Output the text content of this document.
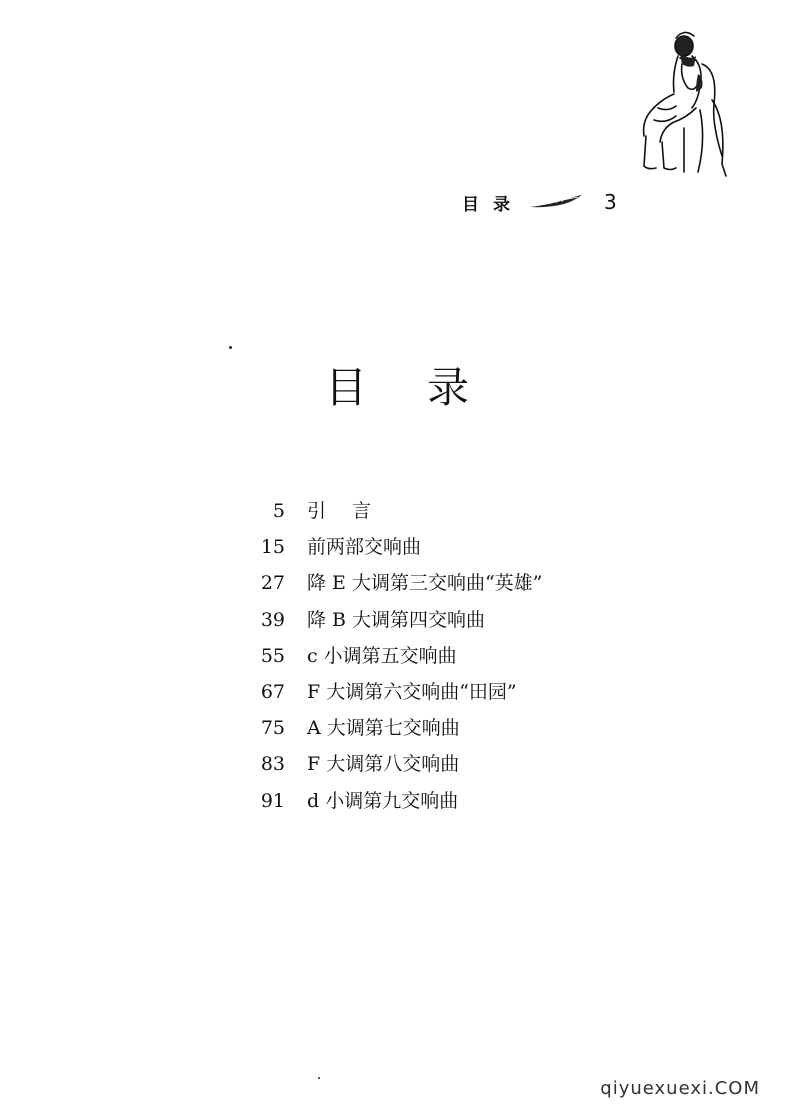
目录	3
目录
5 引言
15 前两部交响曲
27 降 E 大调第三交响曲“英雄”
39 降 B 大调第四交响曲
55 c 小调第五交响曲
67 F 大调第六交响曲“田园”
75 A 大调第七交响曲
83 F 大调第八交响曲
91 d 小调第九交响曲
qiyuexuexi.COM
